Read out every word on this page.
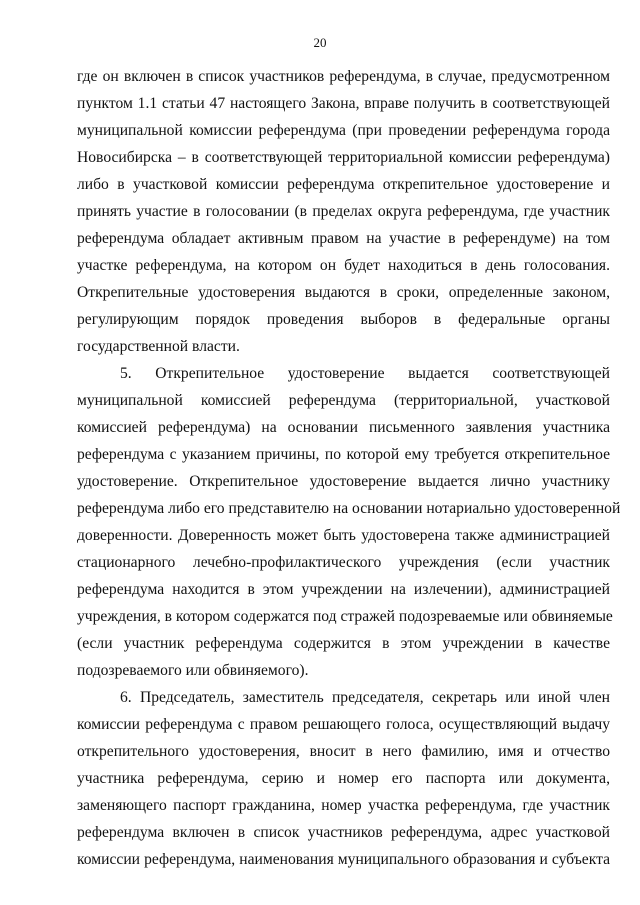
20
где он включен в список участников референдума, в случае, предусмотренном
пунктом 1.1 статьи 47 настоящего Закона, вправе получить в соответствующей
муниципальной комиссии референдума (при проведении референдума города
Новосибирска – в соответствующей территориальной комиссии референдума)
либо в участковой комиссии референдума открепительное удостоверение и
принять участие в голосовании (в пределах округа референдума, где участник
референдума обладает активным правом на участие в референдуме) на том
участке референдума, на котором он будет находиться в день голосования.
Открепительные удостоверения выдаются в сроки, определенные законом,
регулирующим порядок проведения выборов в федеральные органы
государственной власти.
5. Открепительное удостоверение выдается соответствующей
муниципальной комиссией референдума (территориальной, участковой
комиссией референдума) на основании письменного заявления участника
референдума с указанием причины, по которой ему требуется открепительное
удостоверение. Открепительное удостоверение выдается лично участнику
референдума либо его представителю на основании нотариально удостоверенной
доверенности. Доверенность может быть удостоверена также администрацией
стационарного лечебно-профилактического учреждения (если участник
референдума находится в этом учреждении на излечении), администрацией
учреждения, в котором содержатся под стражей подозреваемые или обвиняемые
(если участник референдума содержится в этом учреждении в качестве
подозреваемого или обвиняемого).
6. Председатель, заместитель председателя, секретарь или иной член
комиссии референдума с правом решающего голоса, осуществляющий выдачу
открепительного удостоверения, вносит в него фамилию, имя и отчество
участника референдума, серию и номер его паспорта или документа,
заменяющего паспорт гражданина, номер участка референдума, где участник
референдума включен в список участников референдума, адрес участковой
комиссии референдума, наименования муниципального образования и субъекта
